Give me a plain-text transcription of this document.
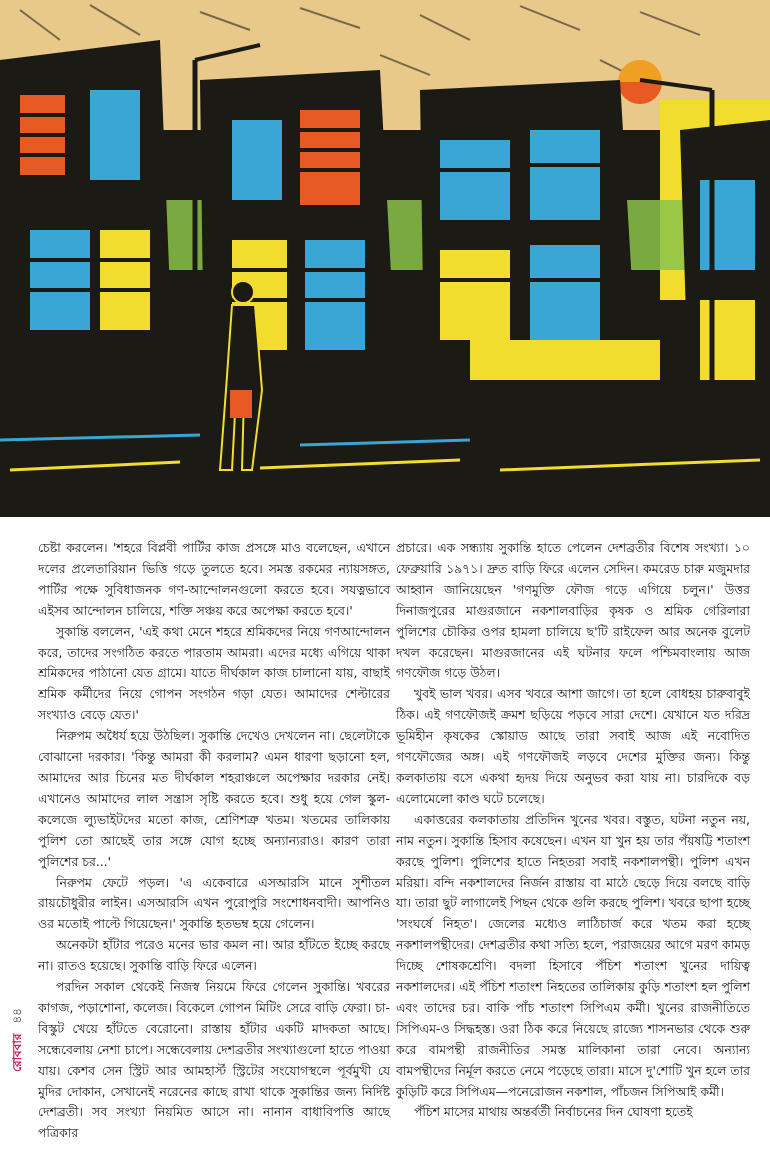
চেষ্টা করলেন। 'শহরে বিপ্লবী পার্টির কাজ প্রসঙ্গে মাও বলেছেন, এখানে দলের প্রলেতারিয়ান ভিত্তি গড়ে তুলতে হবে। সমস্ত রকমের ন্যায়সঙ্গত, পার্টির পক্ষে সুবিধাজনক গণ-আন্দোলনগুলো করতে হবে। সযত্নভাবে এইসব আন্দোলন চালিয়ে, শক্তি সঞ্চয় করে অপেক্ষা করতে হবে।'

সুকান্তি বললেন, 'এই কথা মেনে শহরে শ্রমিকদের নিয়ে গণআন্দোলন করে, তাদের সংগঠিত করতে পারতাম আমরা। এদের মধ্যে এগিয়ে থাকা শ্রমিকদের পাঠানো যেত গ্রামে। যাতে দীর্ঘকাল কাজ চালানো যায়, বাছাই শ্রমিক কর্মীদের নিয়ে গোপন সংগঠন গড়া যেত। আমাদের শেল্টারের সংখ্যাও বেড়ে যেত।'

নিরুপম অধৈর্য হয়ে উঠছিল। সুকান্তি দেখেও দেখলেন না। ছেলেটাকে বোঝানো দরকার। 'কিন্তু আমরা কী করলাম? এমন ধারণা ছড়ানো হল, আমাদের আর চিনের মত দীর্ঘকাল শহরাঞ্চলে অপেক্ষার দরকার নেই। এখানেও আমাদের লাল সন্ত্রাস সৃষ্টি করতে হবে। শুধু হয়ে গেল স্কুল-কলেজে ল্যুভাইটদের মতো কাজ, শ্রেণিশত্রু খতম। খতমের তালিকায় পুলিশ তো আছেই তার সঙ্গে যোগ হচ্ছে অন্যান্যরাও। কারণ তারা পুলিশের চর...'

নিরুপম ফেটে পড়ল। 'এ একেবারে এসআরসি মানে সুশীতল রায়চৌধুরীর লাইন। এসআরসি এখন পুরোপুরি সংশোধনবাদী। আপনিও ওর মতোই পাল্টে গিয়েছেন।' সুকান্তি হতভম্ব হয়ে গেলেন।

অনেকটা হাঁটার পরেও মনের ভার কমল না। আর হাঁটতে ইচ্ছে করছে না। রাতও হয়েছে। সুকান্তি বাড়ি ফিরে এলেন।

পরদিন সকাল থেকেই নিজস্ব নিয়মে ফিরে গেলেন সুকান্তি। খবরের কাগজ, পড়াশোনা, কলেজ। বিকেলে গোপন মিটিং সেরে বাড়ি ফেরা। চা-বিস্কুট খেয়ে হাঁটতে বেরোনো। রাস্তায় হাঁটার একটি মাদকতা আছে। সন্ধেবেলায় নেশা চাপে। সন্ধেবেলায় দেশব্রতীর সংখ্যাগুলো হাতে পাওয়া যায়। কেশব সেন স্ট্রিট আর আমহার্স্ট স্ট্রিটের সংযোগস্থলে পূর্বমুখী যে মুদির দোকান, সেখানেই নরেনের কাছে রাখা থাকে সুকান্তির জন্য নির্দিষ্ট দেশব্রতী। সব সংখ্যা নিয়মিত আসে না। নানান বাধাবিপত্তি আছে পত্রিকার

প্রচারে। এক সন্ধ্যায় সুকান্তি হাতে পেলেন দেশব্রতীর বিশেষ সংখ্যা। ১০ ফেব্রুয়ারি ১৯৭১। দ্রুত বাড়ি ফিরে এলেন সেদিন। কমরেড চারু মজুমদার আহ্বান জানিয়েছেন 'গণমুক্তি ফৌজ গড়ে এগিয়ে চলুন।' উত্তর দিনাজপুরের মাগুরজানে নকশালবাড়ির কৃষক ও শ্রমিক গেরিলারা পুলিশের চৌকির ওপর হামলা চালিয়ে ছ'টি রাইফেল আর অনেক বুলেট দখল করেছেন। মাগুরজানের এই ঘটনার ফলে পশ্চিমবাংলায় আজ গণফৌজ গড়ে উঠল।

খুবই ভাল খবর। এসব খবরে আশা জাগে। তা হলে বোধহয় চারুবাবুই ঠিক। এই গণফৌজই ক্রমশ ছড়িয়ে পড়বে সারা দেশে। যেখানে যত দরিদ্র ভূমিহীন কৃষকের স্কোয়াড আছে তারা সবাই আজ এই নবোদিত গণফৌজের অঙ্গ। এই গণফৌজই লড়বে দেশের মুক্তির জন্য। কিন্তু কলকাতায় বসে একথা হৃদয় দিয়ে অনুভব করা যায় না। চারদিকে বড় এলোমেলো কাণ্ড ঘটে চলেছে।

একাত্তরের কলকাতায় প্রতিদিন খুনের খবর। বস্তুত, ঘটনা নতুন নয়, নাম নতুন। সুকান্তি হিসাব কষেছেন। এখন যা খুন হয় তার পঁয়ষট্টি শতাংশ করছে পুলিশ। পুলিশের হাতে নিহতরা সবাই নকশালপন্থী। পুলিশ এখন মরিয়া। বন্দি নকশালদের নির্জন রাস্তায় বা মাঠে ছেড়ে দিয়ে বলছে বাড়ি যা। তারা ছুট লাগালেই পিছন থেকে গুলি করছে পুলিশ। খবরে ছাপা হচ্ছে 'সংঘর্ষে নিহত'। জেলের মধ্যেও লাঠিচার্জ করে খতম করা হচ্ছে নকশালপন্থীদের। দেশব্রতীর কথা সত্যি হলে, পরাজয়ের আগে মরণ কামড় দিচ্ছে শোষকশ্রেণি। বদলা হিসাবে পঁচিশ শতাংশ খুনের দায়িত্ব নকশালদের। এই পঁচিশ শতাংশ নিহতের তালিকায় কুড়ি শতাংশ হল পুলিশ এবং তাদের চর। বাকি পাঁচ শতাংশ সিপিএম কর্মী। খুনের রাজনীতিতে সিপিএম-ও সিদ্ধহস্ত। ওরা ঠিক করে নিয়েছে রাজ্যে শাসনভার থেকে শুরু করে বামপন্থী রাজনীতির সমস্ত মালিকানা তারা নেবে। অন্যান্য বামপন্থীদের নির্মূল করতে নেমে পড়েছে তারা। মাসে দু'শোটি খুন হলে তার কুড়িটি করে সিপিএম—পনেরোজন নকশাল, পাঁচজন সিপিআই কর্মী।

পঁচিশ মাসের মাথায় অন্তর্বর্তী নির্বাচনের দিন ঘোষণা হতেই

রোববার ৪৪
